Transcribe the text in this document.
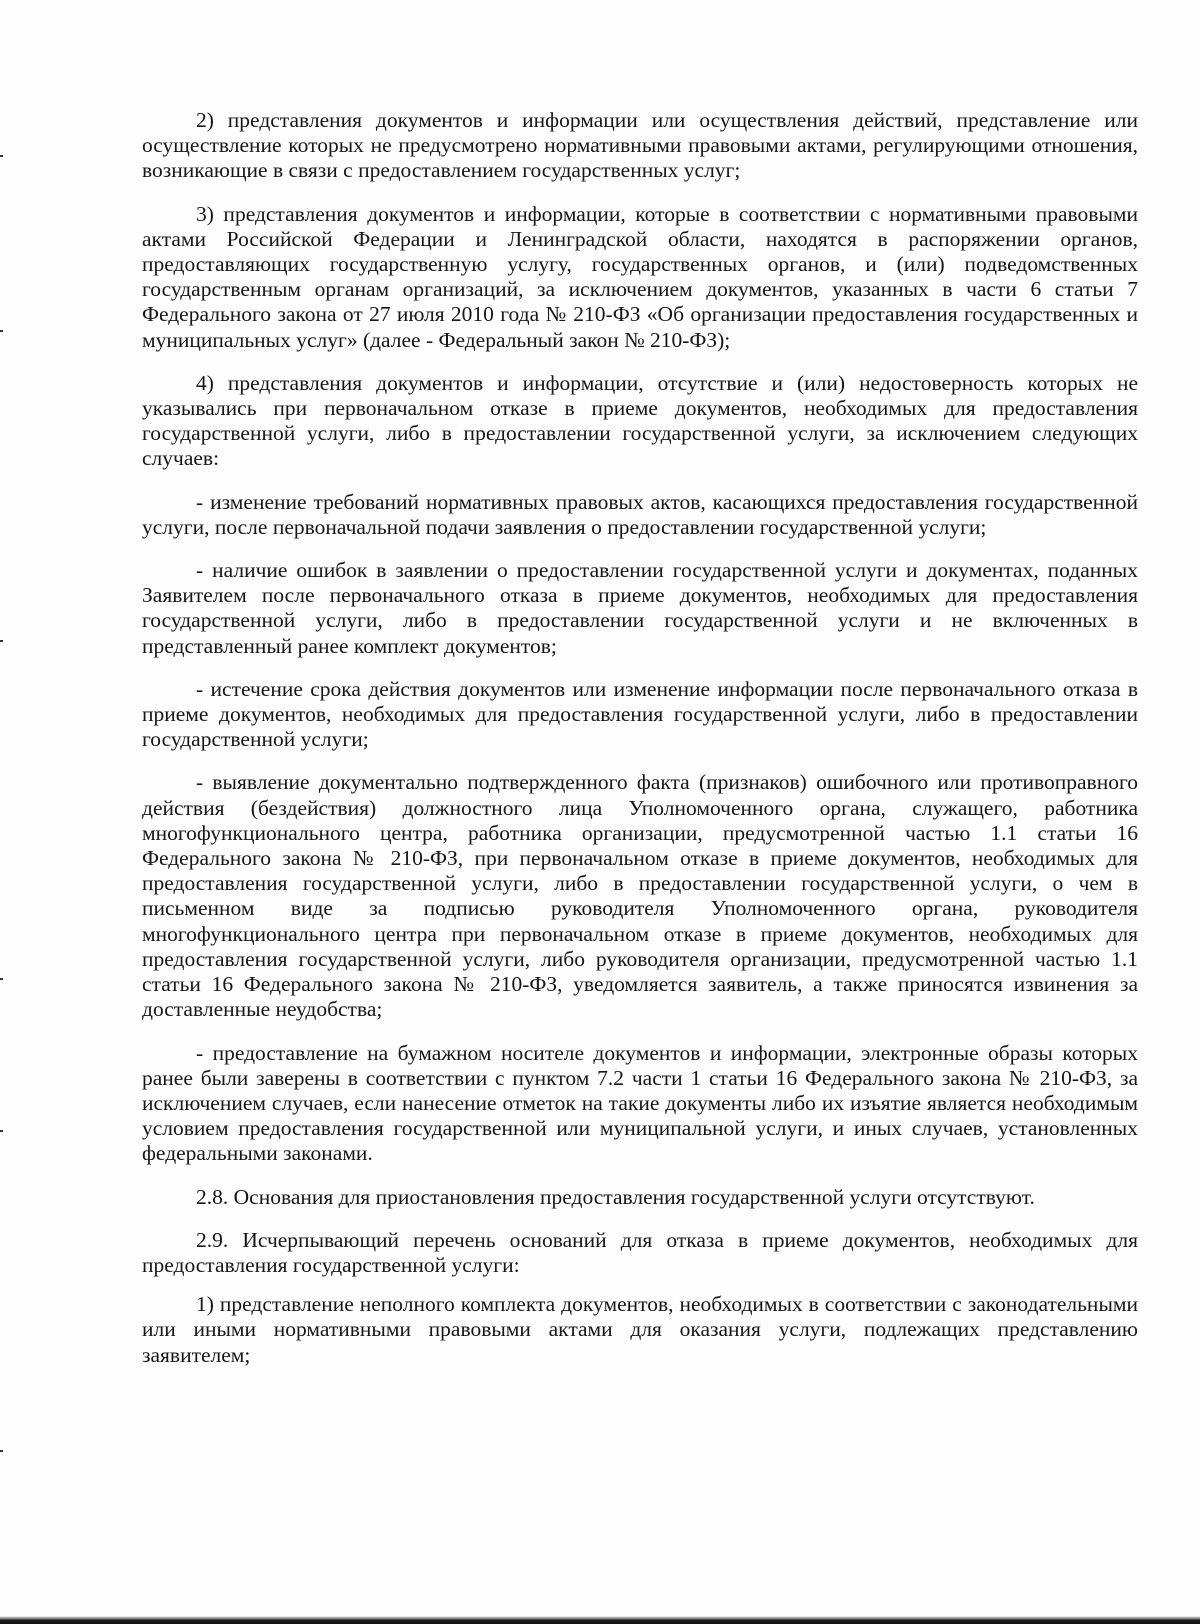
2) представления документов и информации или осуществления действий, представление или осуществление которых не предусмотрено нормативными правовыми актами, регулирующими отношения, возникающие в связи с предоставлением государственных услуг;

3) представления документов и информации, которые в соответствии с нормативными правовыми актами Российской Федерации и Ленинградской области, находятся в распоряжении органов, предоставляющих государственную услугу, государственных органов, и (или) подведомственных государственным органам организаций, за исключением документов, указанных в части 6 статьи 7 Федерального закона от 27 июля 2010 года № 210-ФЗ «Об организации предоставления государственных и муниципальных услуг» (далее - Федеральный закон № 210-ФЗ);

4) представления документов и информации, отсутствие и (или) недостоверность которых не указывались при первоначальном отказе в приеме документов, необходимых для предоставления государственной услуги, либо в предоставлении государственной услуги, за исключением следующих случаев:

- изменение требований нормативных правовых актов, касающихся предоставления государственной услуги, после первоначальной подачи заявления о предоставлении государственной услуги;

- наличие ошибок в заявлении о предоставлении государственной услуги и документах, поданных Заявителем после первоначального отказа в приеме документов, необходимых для предоставления государственной услуги, либо в предоставлении государственной услуги и не включенных в представленный ранее комплект документов;

- истечение срока действия документов или изменение информации после первоначального отказа в приеме документов, необходимых для предоставления государственной услуги, либо в предоставлении государственной услуги;

- выявление документально подтвержденного факта (признаков) ошибочного или противоправного действия (бездействия) должностного лица Уполномоченного органа, служащего, работника многофункционального центра, работника организации, предусмотренной частью 1.1 статьи 16 Федерального закона № 210-ФЗ, при первоначальном отказе в приеме документов, необходимых для предоставления государственной услуги, либо в предоставлении государственной услуги, о чем в письменном виде за подписью руководителя Уполномоченного органа, руководителя многофункционального центра при первоначальном отказе в приеме документов, необходимых для предоставления государственной услуги, либо руководителя организации, предусмотренной частью 1.1 статьи 16 Федерального закона № 210-ФЗ, уведомляется заявитель, а также приносятся извинения за доставленные неудобства;

- предоставление на бумажном носителе документов и информации, электронные образы которых ранее были заверены в соответствии с пунктом 7.2 части 1 статьи 16 Федерального закона № 210-ФЗ, за исключением случаев, если нанесение отметок на такие документы либо их изъятие является необходимым условием предоставления государственной или муниципальной услуги, и иных случаев, установленных федеральными законами.

2.8. Основания для приостановления предоставления государственной услуги отсутствуют.

2.9. Исчерпывающий перечень оснований для отказа в приеме документов, необходимых для предоставления государственной услуги:

1) представление неполного комплекта документов, необходимых в соответствии с законодательными или иными нормативными правовыми актами для оказания услуги, подлежащих представлению заявителем;
